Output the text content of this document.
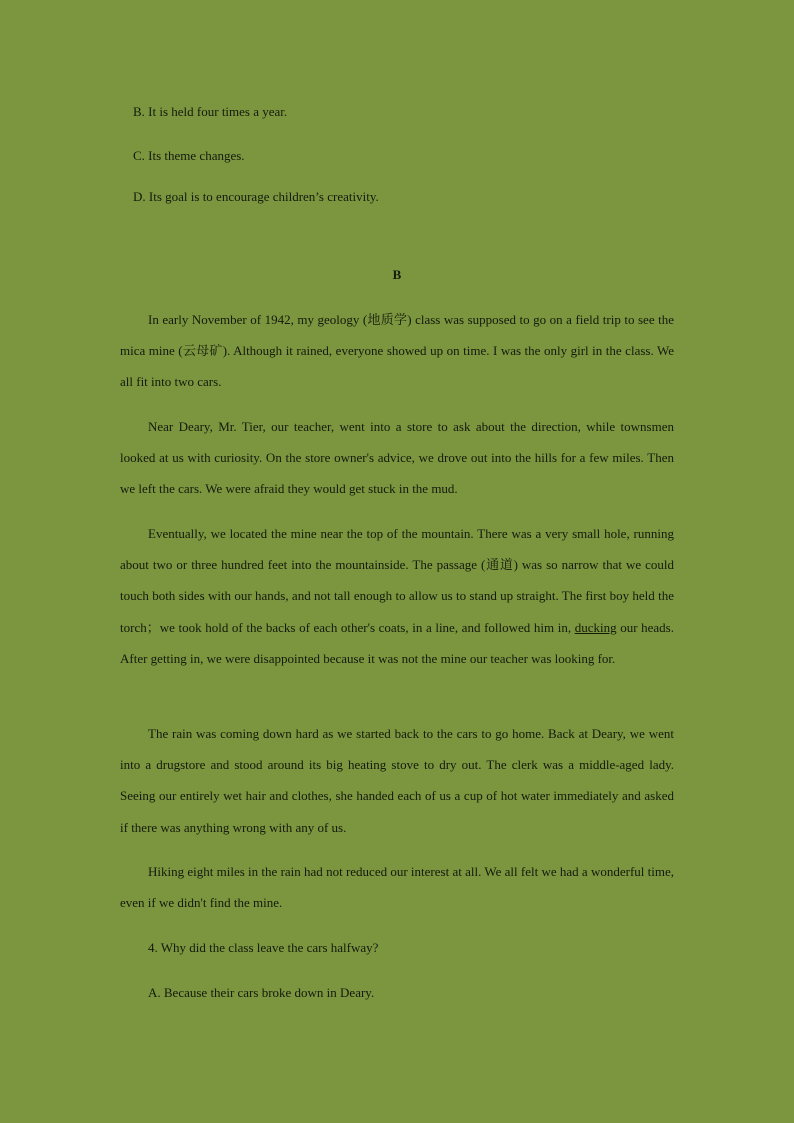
B. It is held four times a year.
C. Its theme changes.
D. Its goal is to encourage children’s creativity.
B

In early November of 1942, my geology (地质学) class was supposed to go on a field trip to see the mica mine (云母矿). Although it rained, everyone showed up on time. I was the only girl in the class. We all fit into two cars.

Near Deary, Mr. Tier, our teacher, went into a store to ask about the direction, while townsmen looked at us with curiosity. On the store owner's advice, we drove out into the hills for a few miles. Then we left the cars. We were afraid they would get stuck in the mud.

Eventually, we located the mine near the top of the mountain. There was a very small hole, running about two or three hundred feet into the mountainside. The passage (通道) was so narrow that we could touch both sides with our hands, and not tall enough to allow us to stand up straight. The first boy held the torch；we took hold of the backs of each other's coats, in a line, and followed him in, ducking our heads. After getting in, we were disappointed because it was not the mine our teacher was looking for.

The rain was coming down hard as we started back to the cars to go home. Back at Deary, we went into a drugstore and stood around its big heating stove to dry out. The clerk was a middle-aged lady. Seeing our entirely wet hair and clothes, she handed each of us a cup of hot water immediately and asked if there was anything wrong with any of us.

Hiking eight miles in the rain had not reduced our interest at all. We all felt we had a wonderful time, even if we didn't find the mine.

4. Why did the class leave the cars halfway?
A. Because their cars broke down in Deary.
